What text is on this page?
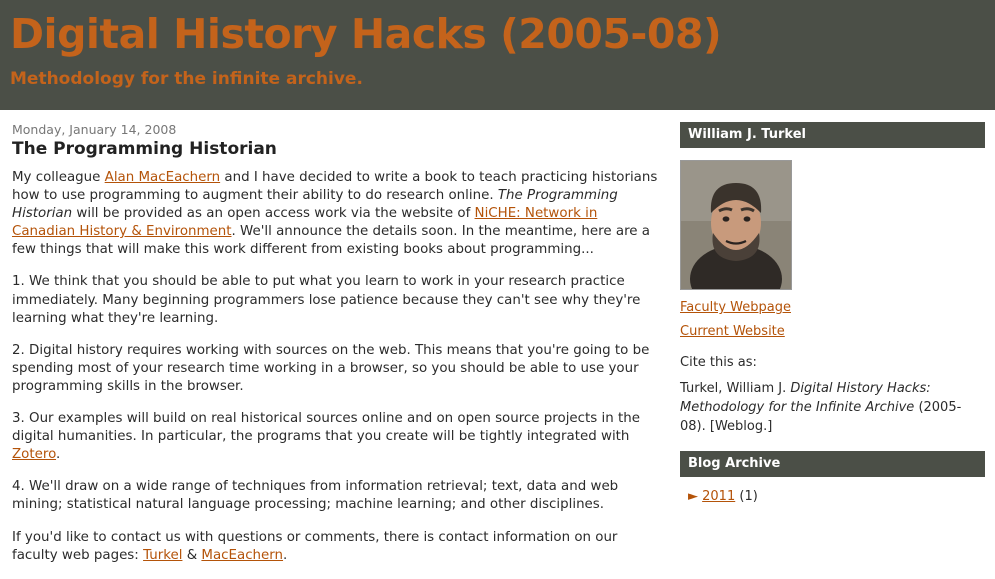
Digital History Hacks (2005-08)
Methodology for the infinite archive.
Monday, January 14, 2008
The Programming Historian

My colleague Alan MacEachern and I have decided to write a book to teach practicing historians how to use programming to augment their ability to do research online. The Programming Historian will be provided as an open access work via the website of NiCHE: Network in Canadian History & Environment. We'll announce the details soon. In the meantime, here are a few things that will make this work different from existing books about programming...

1. We think that you should be able to put what you learn to work in your research practice immediately. Many beginning programmers lose patience because they can't see why they're learning what they're learning.

2. Digital history requires working with sources on the web. This means that you're going to be spending most of your research time working in a browser, so you should be able to use your programming skills in the browser.

3. Our examples will build on real historical sources online and on open source projects in the digital humanities. In particular, the programs that you create will be tightly integrated with Zotero.

4. We'll draw on a wide range of techniques from information retrieval; text, data and web mining; statistical natural language processing; machine learning; and other disciplines.

If you'd like to contact us with questions or comments, there is contact information on our faculty web pages: Turkel & MacEachern.

William J. Turkel
Faculty Webpage
Current Website
Cite this as:
Turkel, William J. Digital History Hacks: Methodology for the Infinite Archive (2005-08). [Weblog.]
Blog Archive
► 2011 (1)
